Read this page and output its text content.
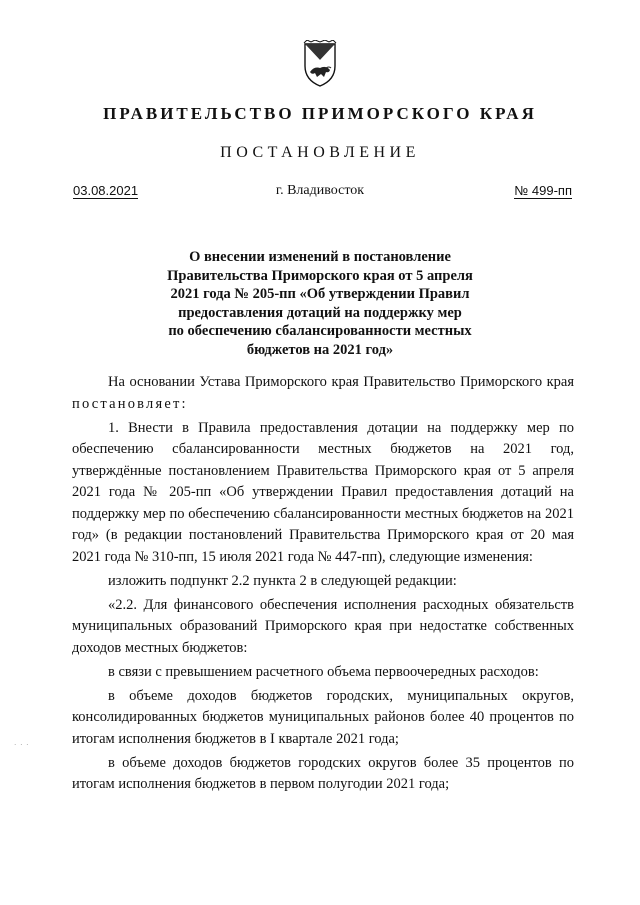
ПРАВИТЕЛЬСТВО ПРИМОРСКОГО КРАЯ
ПОСТАНОВЛЕНИЕ
г. Владивосток
03.08.2021	№ 499-пп
О внесении изменений в постановление
Правительства Приморского края от 5 апреля
2021 года № 205-пп «Об утверждении Правил
предоставления дотаций на поддержку мер
по обеспечению сбалансированности местных
бюджетов на 2021 год»

На основании Устава Приморского края Правительство Приморского края постановляет:

1. Внести в Правила предоставления дотации на поддержку мер по обеспечению сбалансированности местных бюджетов на 2021 год, утверждённые постановлением Правительства Приморского края от 5 апреля 2021 года № 205-пп «Об утверждении Правил предоставления дотаций на поддержку мер по обеспечению сбалансированности местных бюджетов на 2021 год» (в редакции постановлений Правительства Приморского края от 20 мая 2021 года № 310-пп, 15 июля 2021 года № 447-пп), следующие изменения:

изложить подпункт 2.2 пункта 2 в следующей редакции:

«2.2. Для финансового обеспечения исполнения расходных обязательств муниципальных образований Приморского края при недостатке собственных доходов местных бюджетов:

в связи с превышением расчетного объема первоочередных расходов:

в объеме доходов бюджетов городских, муниципальных округов, консолидированных бюджетов муниципальных районов более 40 процентов по итогам исполнения бюджетов в I квартале 2021 года;

в объеме доходов бюджетов городских округов более 35 процентов по итогам исполнения бюджетов в первом полугодии 2021 года;

· · ·
